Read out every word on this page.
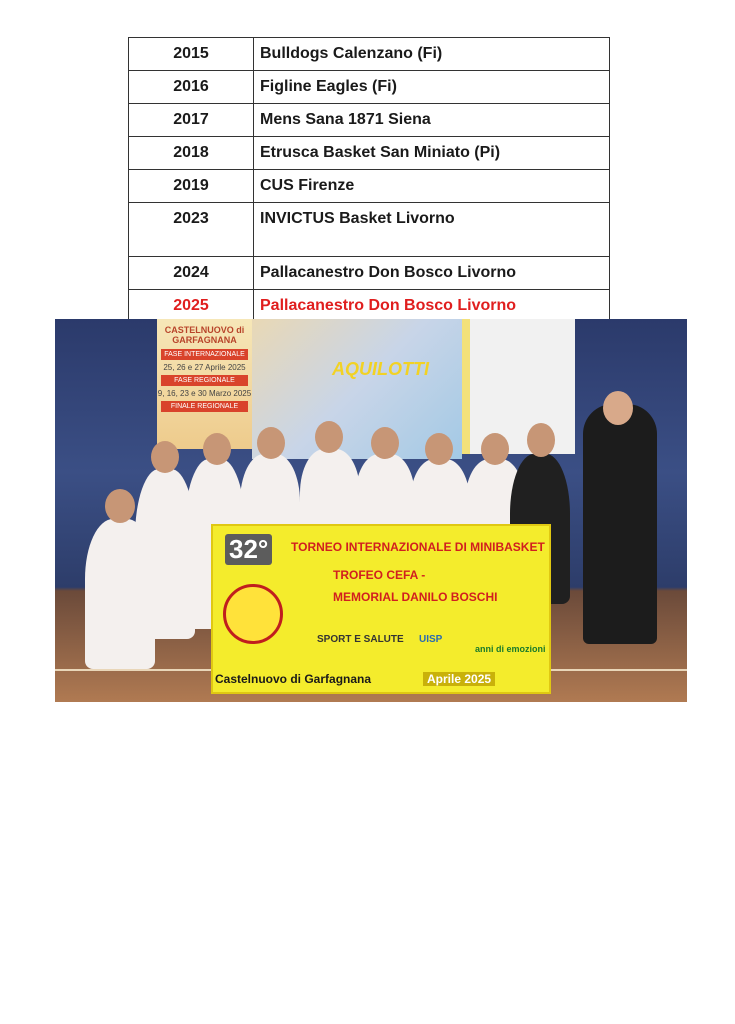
2015	Bulldogs Calenzano (Fi)
2016	Figline Eagles (Fi)
2017	Mens Sana 1871 Siena
2018	Etrusca Basket San Miniato (Pi)
2019	CUS Firenze
2023	INVICTUS Basket Livorno
2024	Pallacanestro Don Bosco Livorno
2025	Pallacanestro Don Bosco Livorno
CASTELNUOVO di GARFAGNANA
FASE INTERNAZIONALE
25, 26 e 27 Aprile 2025
FASE REGIONALE
9, 16, 23 e 30 Marzo 2025
FINALE REGIONALE
AQUILOTTI
32°	TORNEO INTERNAZIONALE DI MINIBASKET
TROFEO CEFA -
MEMORIAL DANILO BOSCHI
SPORT E SALUTE UISP
anni di emozioni
Castelnuovo di Garfagnana	Aprile 2025
